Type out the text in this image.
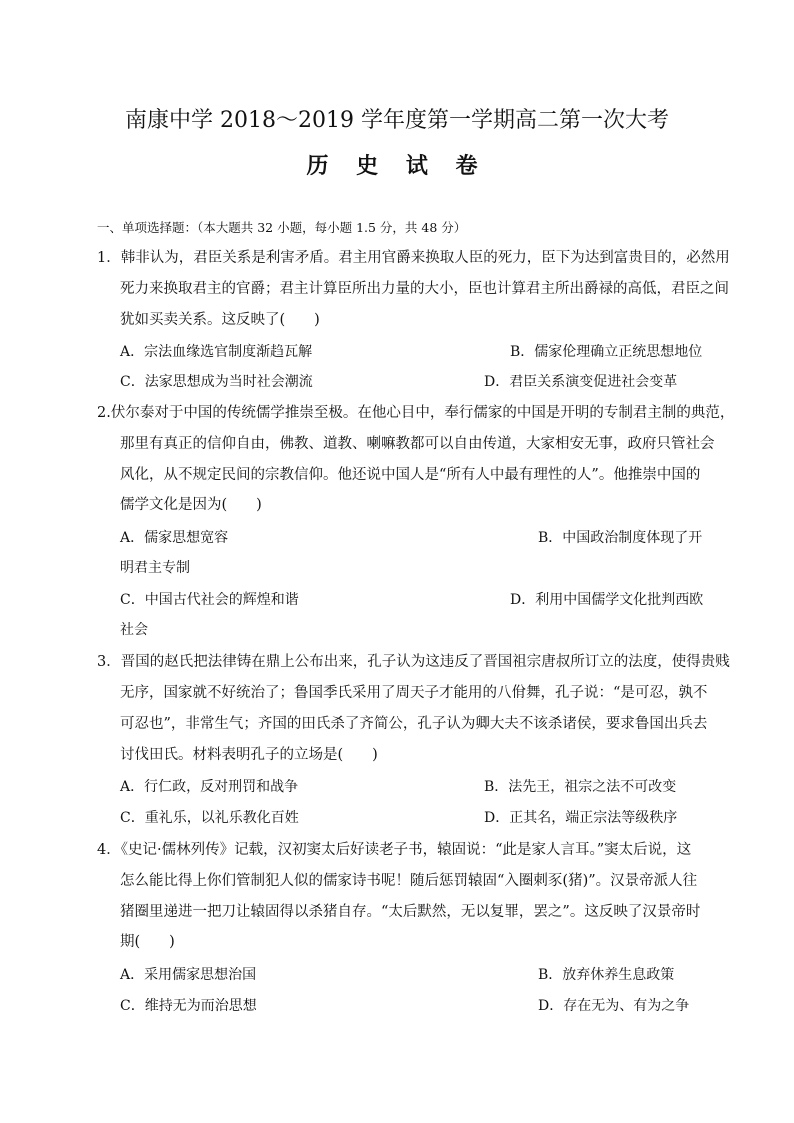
南康中学 2018～2019 学年度第一学期高二第一次大考
历 史 试 卷
一、单项选择题：（本大题共 32 小题，每小题 1.5 分，共 48 分）
1．韩非认为，君臣关系是利害矛盾。君主用官爵来换取人臣的死力，臣下为达到富贵目的，必然用
死力来换取君主的官爵；君主计算臣所出力量的大小，臣也计算君主所出爵禄的高低，君臣之间
犹如买卖关系。这反映了(　　)
A．宗法血缘选官制度渐趋瓦解	B．儒家伦理确立正统思想地位
C．法家思想成为当时社会潮流	D．君臣关系演变促进社会变革
2.伏尔泰对于中国的传统儒学推崇至极。在他心目中，奉行儒家的中国是开明的专制君主制的典范，
那里有真正的信仰自由，佛教、道教、喇嘛教都可以自由传道，大家相安无事，政府只管社会
风化，从不规定民间的宗教信仰。他还说中国人是“所有人中最有理性的人”。他推崇中国的
儒学文化是因为(　　)
A．儒家思想宽容	B．中国政治制度体现了开
明君主专制
C．中国古代社会的辉煌和谐	D．利用中国儒学文化批判西欧
社会
3．晋国的赵氏把法律铸在鼎上公布出来，孔子认为这违反了晋国祖宗唐叔所订立的法度，使得贵贱
无序，国家就不好统治了；鲁国季氏采用了周天子才能用的八佾舞，孔子说：“是可忍，孰不
可忍也”，非常生气；齐国的田氏杀了齐简公，孔子认为卿大夫不该杀诸侯，要求鲁国出兵去
讨伐田氏。材料表明孔子的立场是(　　)
A．行仁政，反对刑罚和战争	B．法先王，祖宗之法不可改变
C．重礼乐，以礼乐教化百姓	D．正其名，端正宗法等级秩序
4．《史记·儒林列传》记载，汉初窦太后好读老子书，辕固说：“此是家人言耳。”窦太后说，这
怎么能比得上你们管制犯人似的儒家诗书呢！随后惩罚辕固“入圈刺豕(猪)”。汉景帝派人往
猪圈里递进一把刀让辕固得以杀猪自存。“太后默然，无以复罪，罢之”。这反映了汉景帝时
期(　　)
A．采用儒家思想治国	B．放弃休养生息政策
C．维持无为而治思想	D．存在无为、有为之争
